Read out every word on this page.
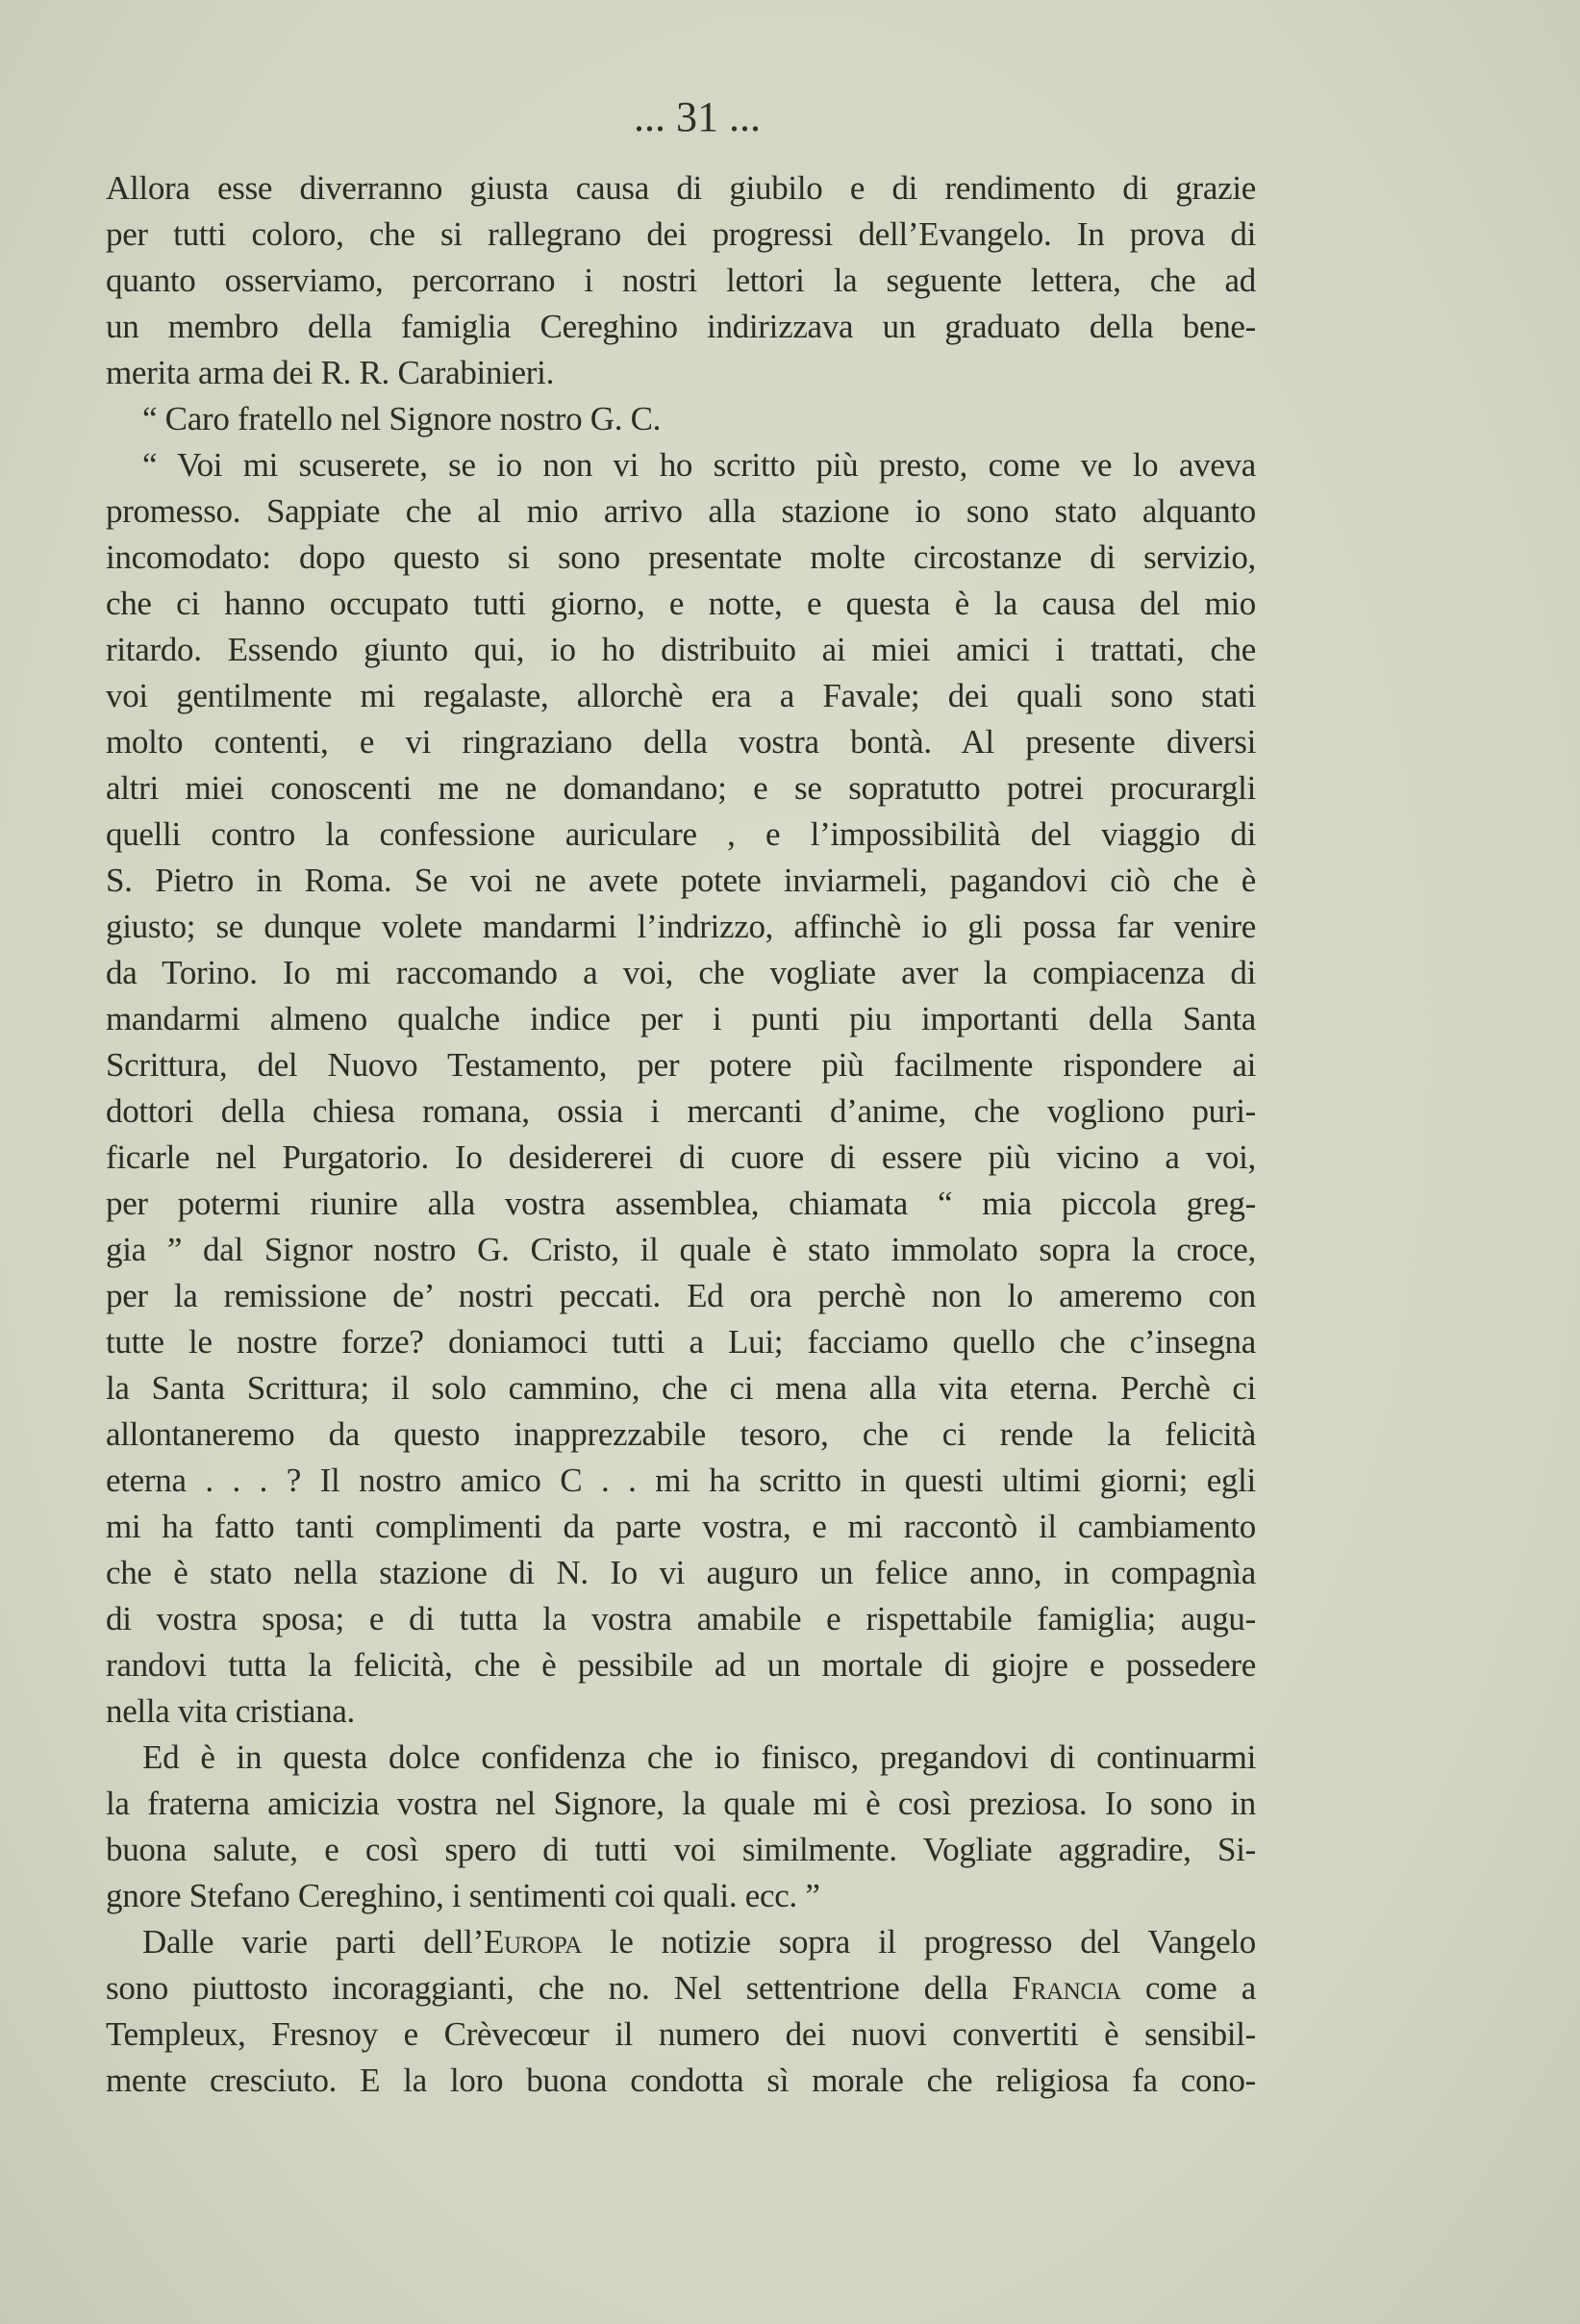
... 31 ...
Allora esse diverranno giusta causa di giubilo e di rendimento di grazie
per tutti coloro, che si rallegrano dei progressi dell’Evangelo. In prova di
quanto osserviamo, percorrano i nostri lettori la seguente lettera, che ad
un membro della famiglia Cereghino indirizzava un graduato della bene-
merita arma dei R. R. Carabinieri.
“ Caro fratello nel Signore nostro G. C.
“ Voi mi scuserete, se io non vi ho scritto più presto, come ve lo aveva
promesso. Sappiate che al mio arrivo alla stazione io sono stato alquanto
incomodato: dopo questo si sono presentate molte circostanze di servizio,
che ci hanno occupato tutti giorno, e notte, e questa è la causa del mio
ritardo. Essendo giunto qui, io ho distribuito ai miei amici i trattati, che
voi gentilmente mi regalaste, allorchè era a Favale; dei quali sono stati
molto contenti, e vi ringraziano della vostra bontà. Al presente diversi
altri miei conoscenti me ne domandano; e se sopratutto potrei procurargli
quelli contro la confessione auriculare , e l’impossibilità del viaggio di
S. Pietro in Roma. Se voi ne avete potete inviarmeli, pagandovi ciò che è
giusto; se dunque volete mandarmi l’indrizzo, affinchè io gli possa far venire
da Torino. Io mi raccomando a voi, che vogliate aver la compiacenza di
mandarmi almeno qualche indice per i punti piu importanti della Santa
Scrittura, del Nuovo Testamento, per potere più facilmente rispondere ai
dottori della chiesa romana, ossia i mercanti d’anime, che vogliono puri-
ficarle nel Purgatorio. Io desidererei di cuore di essere più vicino a voi,
per potermi riunire alla vostra assemblea, chiamata “ mia piccola greg-
gia ” dal Signor nostro G. Cristo, il quale è stato immolato sopra la croce,
per la remissione de’ nostri peccati. Ed ora perchè non lo ameremo con
tutte le nostre forze? doniamoci tutti a Lui; facciamo quello che c’insegna
la Santa Scrittura; il solo cammino, che ci mena alla vita eterna. Perchè ci
allontaneremo da questo inapprezzabile tesoro, che ci rende la felicità
eterna . . . ? Il nostro amico C . . mi ha scritto in questi ultimi giorni; egli
mi ha fatto tanti complimenti da parte vostra, e mi raccontò il cambiamento
che è stato nella stazione di N. Io vi auguro un felice anno, in compagnìa
di vostra sposa; e di tutta la vostra amabile e rispettabile famiglia; augu-
randovi tutta la felicità, che è pessibile ad un mortale di giojre e possedere
nella vita cristiana.
Ed è in questa dolce confidenza che io finisco, pregandovi di continuarmi
la fraterna amicizia vostra nel Signore, la quale mi è così preziosa. Io sono in
buona salute, e così spero di tutti voi similmente. Vogliate aggradire, Si-
gnore Stefano Cereghino, i sentimenti coi quali. ecc. ”
Dalle varie parti dell’Europa le notizie sopra il progresso del Vangelo
sono piuttosto incoraggianti, che no. Nel settentrione della Francia come a
Templeux, Fresnoy e Crèvecœur il numero dei nuovi convertiti è sensibil-
mente cresciuto. E la loro buona condotta sì morale che religiosa fa cono-
